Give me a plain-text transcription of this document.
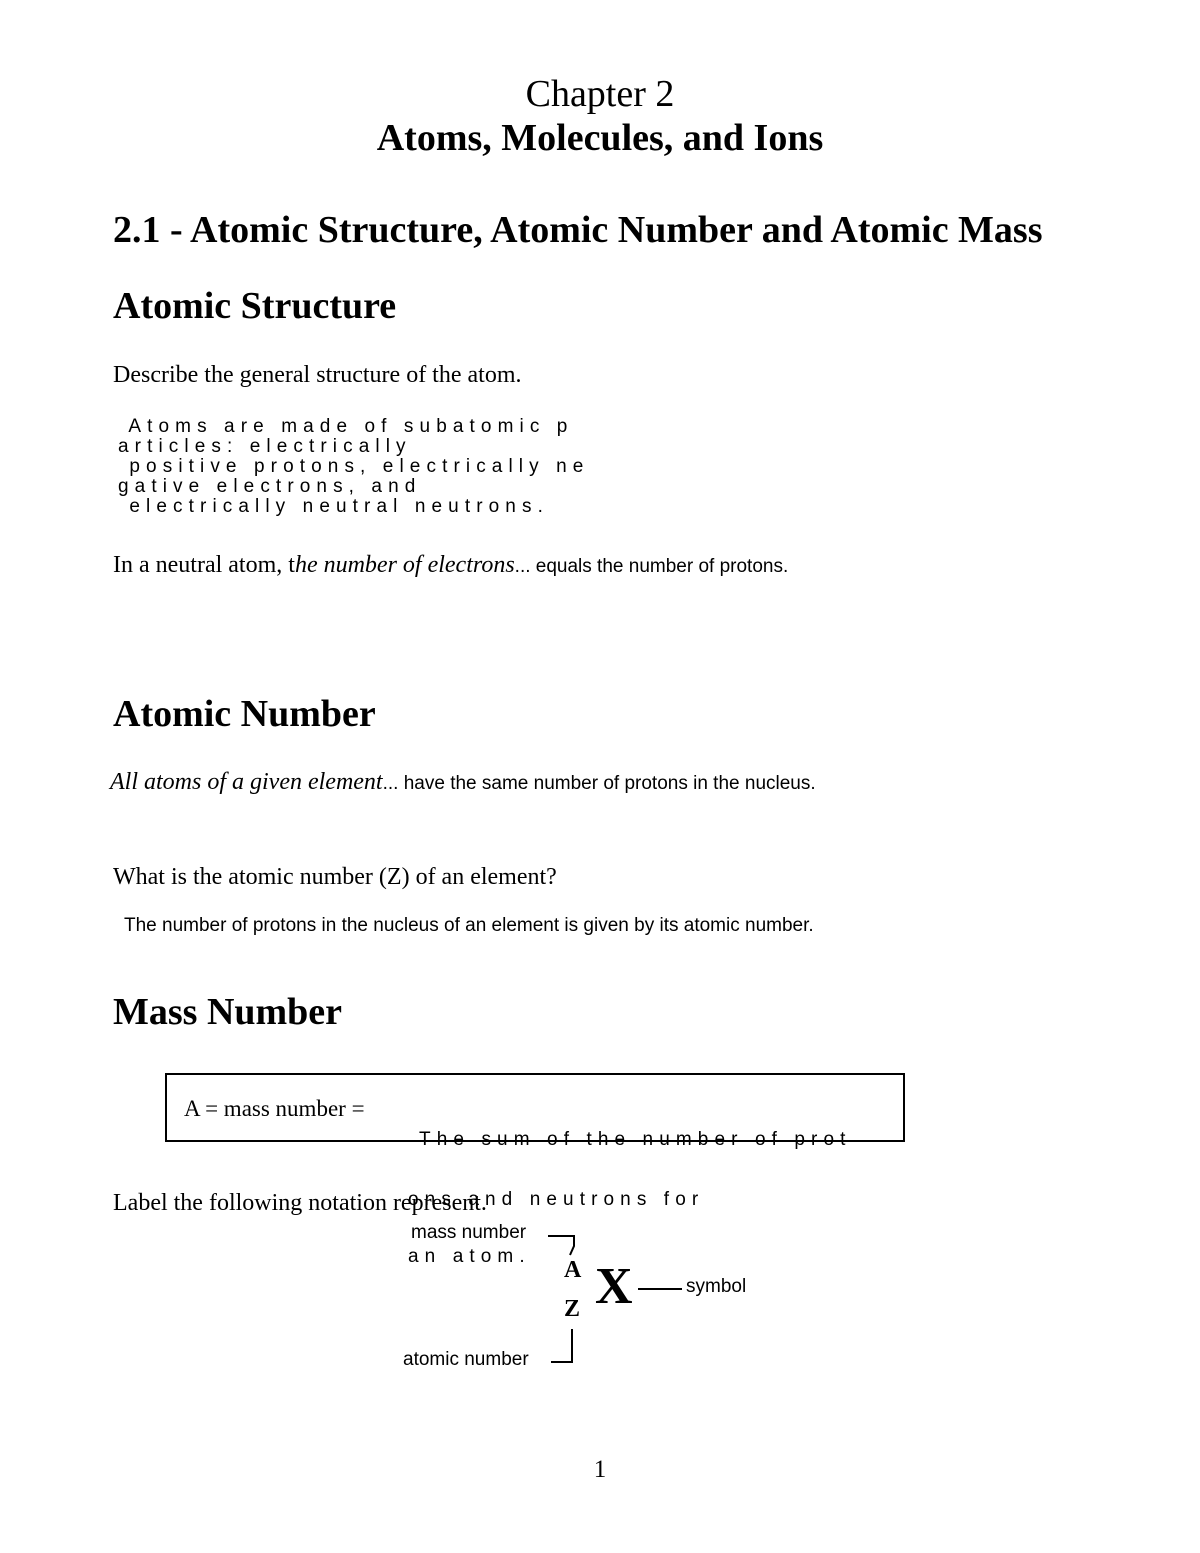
Chapter 2
Atoms, Molecules, and Ions
2.1 - Atomic Structure, Atomic Number and Atomic Mass
Atomic Structure
Describe the general structure of the atom.
Atoms are made of subatomic p
articles: electrically
positive protons, electrically ne
gative electrons, and
electrically neutral neutrons.
In a neutral atom, the number of electrons... equals the number of protons.
Atomic Number
All atoms of a given element... have the same number of protons in the nucleus.
What is the atomic number (Z) of an element?
The number of protons in the nucleus of an element is given by its atomic number.
Mass Number
A = mass number =

The sum of the number of prot

ons and neutrons for

an atom.

Label the following notation represent.
mass number
atomic number
symbol
A
Z X
1
